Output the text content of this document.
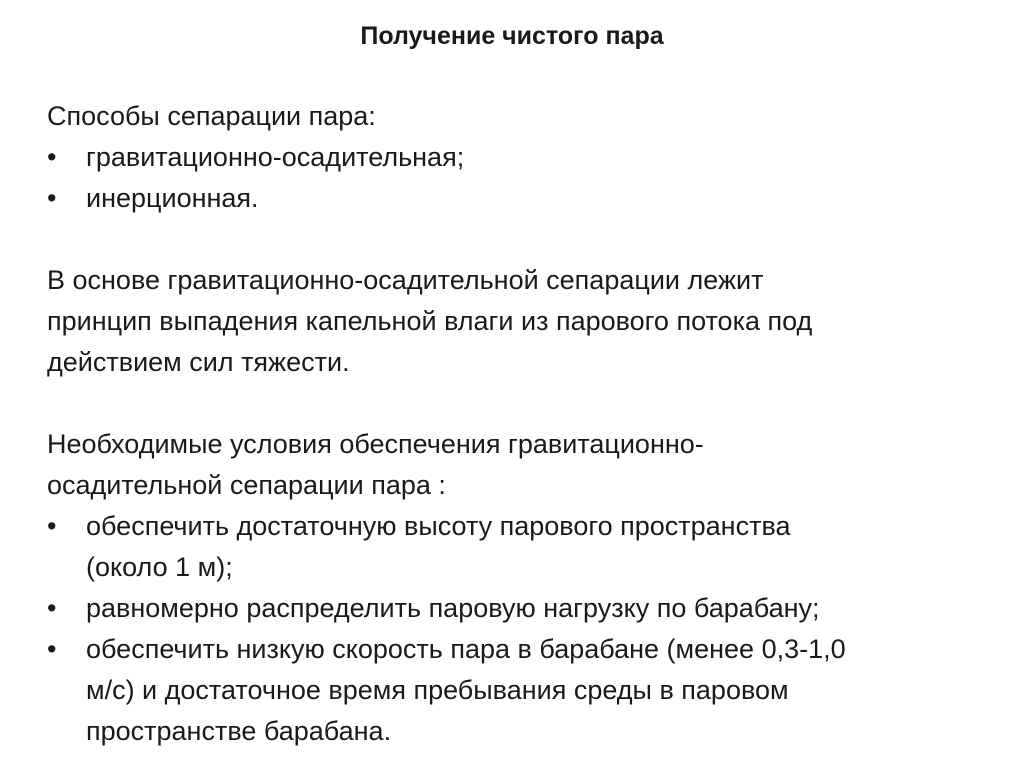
Получение чистого пара

Способы сепарации пара:

•	гравитационно-осадительная;
•	инерционная.

В основе гравитационно-осадительной сепарации лежит

принцип выпадения капельной влаги из парового потока под

действием сил тяжести.

Необходимые условия обеспечения гравитационно-

осадительной сепарации пара :

•	обеспечить достаточную высоту парового пространства

(около 1 м);

•	равномерно распределить паровую нагрузку по барабану;

•	обеспечить низкую скорость пара в барабане (менее 0,3-1,0

м/с) и достаточное время пребывания среды в паровом

пространстве барабана.
